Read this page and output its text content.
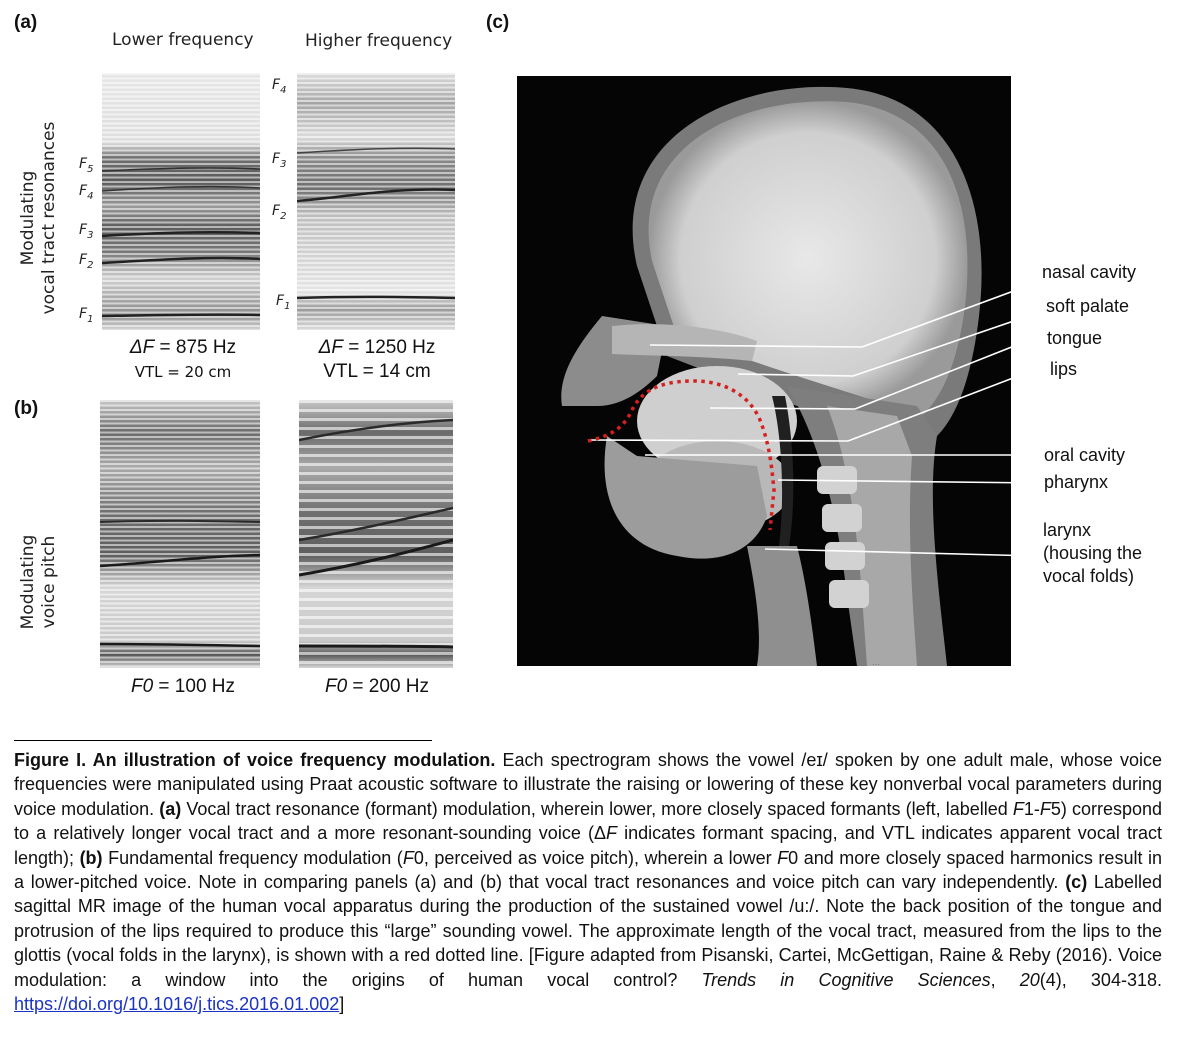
(a)
(b)
(c)
Lower frequency	Higher frequency
Modulating vocal tract resonances
Modulating voice pitch
$F_5$
$F_4$
$F_3$
$F_2$
$F_1$
$F_4$
$F_3$
$F_2$
$F_1$
ΔF = 875 Hz
VTL = 20 cm
ΔF = 1250 Hz
VTL = 14 cm
F0 = 100 Hz	F0 = 200 Hz
...
nasal cavity
soft palate
tongue
lips
oral cavity
pharynx
larynx
(housing the
vocal folds)
Figure I. An illustration of voice frequency modulation. Each spectrogram shows the vowel /eɪ/ spoken by one adult male, whose voice frequencies were manipulated using Praat acoustic software to illustrate the raising or lowering of these key nonverbal vocal parameters during voice modulation. (a) Vocal tract resonance (formant) modulation, wherein lower, more closely spaced formants (left, labelled F1-F5) correspond to a relatively longer vocal tract and a more resonant-sounding voice (ΔF indicates formant spacing, and VTL indicates apparent vocal tract length); (b) Fundamental frequency modulation (F0, perceived as voice pitch), wherein a lower F0 and more closely spaced harmonics result in a lower-pitched voice. Note in comparing panels (a) and (b) that vocal tract resonances and voice pitch can vary independently. (c) Labelled sagittal MR image of the human vocal apparatus during the production of the sustained vowel /u:/. Note the back position of the tongue and protrusion of the lips required to produce this “large” sounding vowel. The approximate length of the vocal tract, measured from the lips to the glottis (vocal folds in the larynx), is shown with a red dotted line. [Figure adapted from Pisanski, Cartei, McGettigan, Raine & Reby (2016). Voice modulation: a window into the origins of human vocal control? Trends in Cognitive Sciences, 20(4), 304-318. https://doi.org/10.1016/j.tics.2016.01.002]
